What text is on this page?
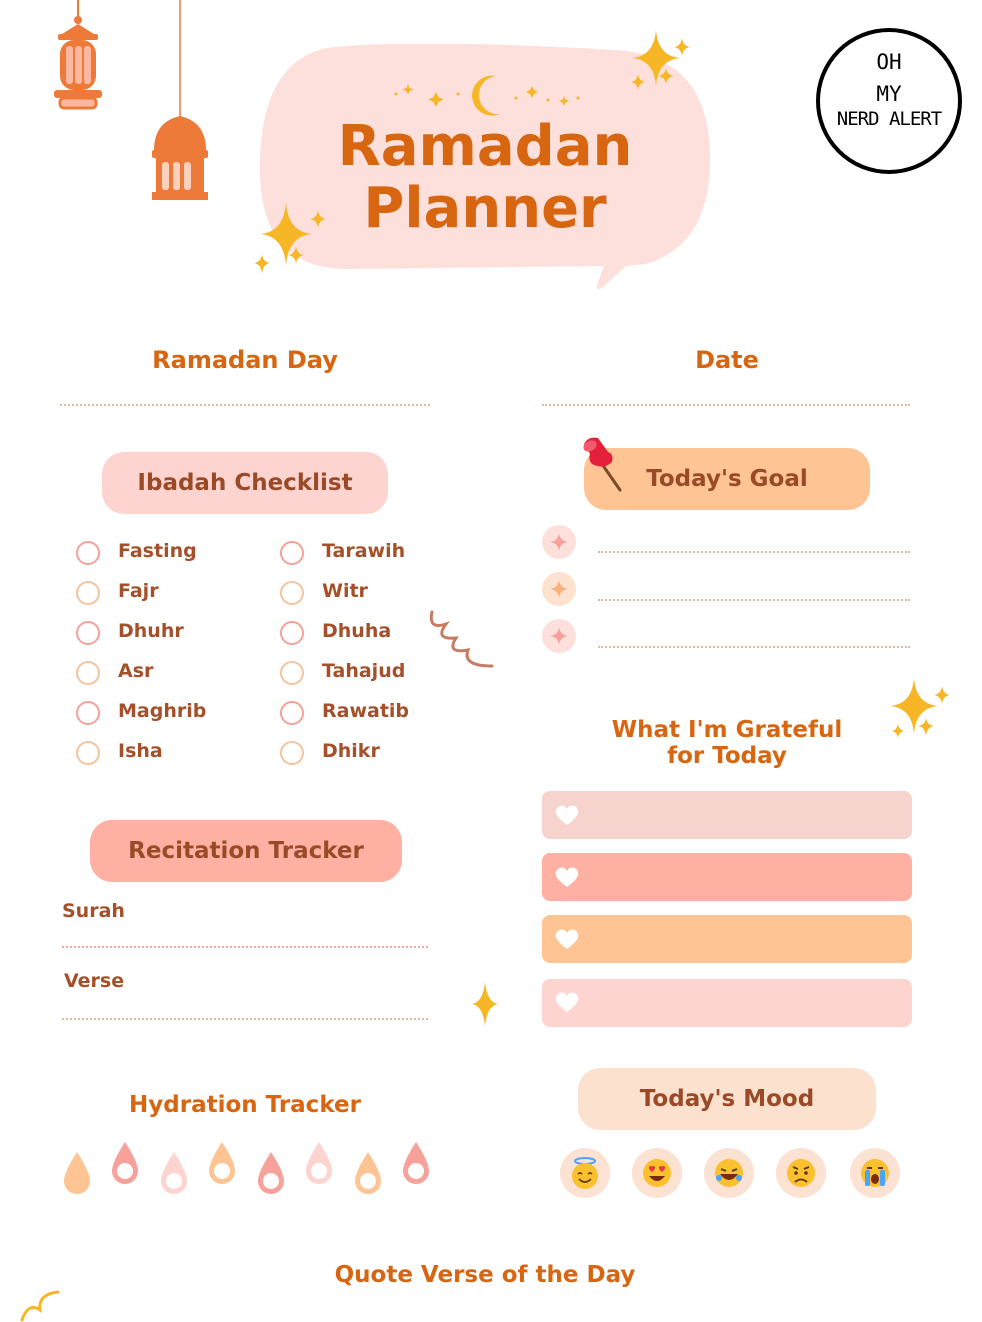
Ramadan
Planner
OH
MY
NERD ALERT
Ramadan Day	Date
Ibadah Checklist
Fasting
Fajr
Dhuhr
Asr
Maghrib
Isha
Tarawih
Witr
Dhuha
Tahajud
Rawatib
Dhikr
Today's Goal
What I'm Grateful
for Today
Recitation Tracker
Surah
Verse
Hydration Tracker	Today's Mood
Quote Verse of the Day
